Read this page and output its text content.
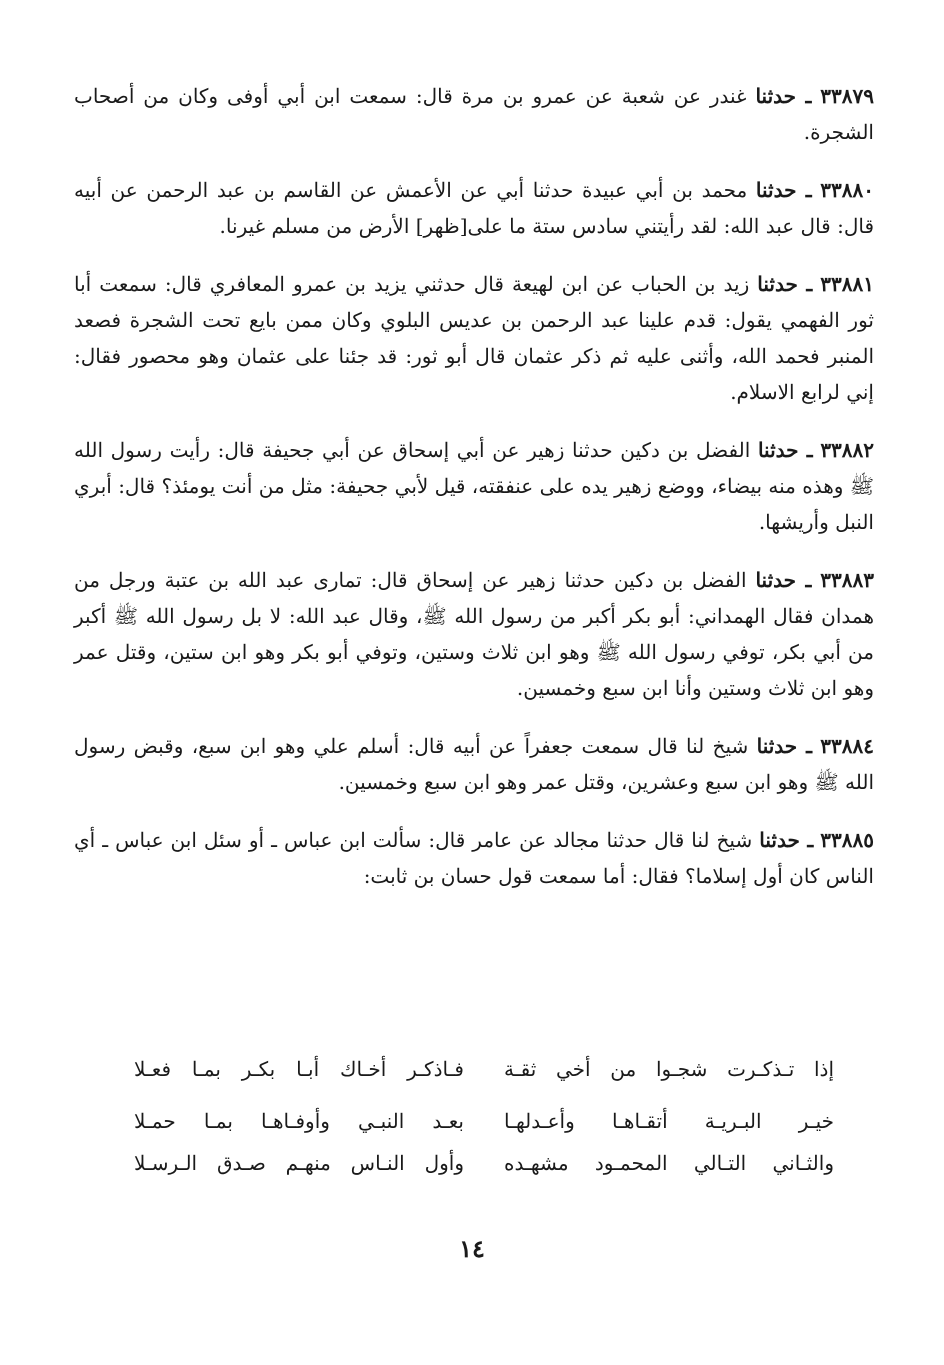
٣٣٨٧٩ ـ حدثنا غندر عن شعبة عن عمرو بن مرة قال: سمعت ابن أبي أوفى وكان من أصحاب الشجرة.

٣٣٨٨٠ ـ حدثنا محمد بن أبي عبيدة حدثنا أبي عن الأعمش عن القاسم بن عبد الرحمن عن أبيه قال: قال عبد الله: لقد رأيتني سادس ستة ما على[ظهر] الأرض من مسلم غيرنا.

٣٣٨٨١ ـ حدثنا زيد بن الحباب عن ابن لهيعة قال حدثني يزيد بن عمرو المعافري قال: سمعت أبا ثور الفهمي يقول: قدم علينا عبد الرحمن بن عديس البلوي وكان ممن بايع تحت الشجرة فصعد المنبر فحمد الله، وأثنى عليه ثم ذكر عثمان قال أبو ثور: قد جئنا على عثمان وهو محصور فقال: إني لرابع الاسلام.

٣٣٨٨٢ ـ حدثنا الفضل بن دكين حدثنا زهير عن أبي إسحاق عن أبي جحيفة قال: رأيت رسول الله ﷺ وهذه منه بيضاء، ووضع زهير يده على عنفقته، قيل لأبي جحيفة: مثل من أنت يومئذ؟ قال: أبري النبل وأريشها.

٣٣٨٨٣ ـ حدثنا الفضل بن دكين حدثنا زهير عن إسحاق قال: تمارى عبد الله بن عتبة ورجل من همدان فقال الهمداني: أبو بكر أكبر من رسول الله ﷺ، وقال عبد الله: لا بل رسول الله ﷺ أكبر من أبي بكر، توفي رسول الله ﷺ وهو ابن ثلاث وستين، وتوفي أبو بكر وهو ابن ستين، وقتل عمر وهو ابن ثلاث وستين وأنا ابن سبع وخمسين.

٣٣٨٨٤ ـ حدثنا شيخ لنا قال سمعت جعفراً عن أبيه قال: أسلم علي وهو ابن سبع، وقبض رسول الله ﷺ وهو ابن سبع وعشرين، وقتل عمر وهو ابن سبع وخمسين.

٣٣٨٨٥ ـ حدثنا شيخ لنا قال حدثنا مجالد عن عامر قال: سألت ابن عباس ـ أو سئل ابن عباس ـ أي الناس كان أول إسلاما؟ فقال: أما سمعت قول حسان بن ثابت:

إذا تـذكـرت شجـوا من أخي ثقـة
فـاذكـر أخـاك أبـا بكـر بمـا فعـلا
خيـر البـريـة أتقـاهـا وأعـدلهـا
بعـد النبـي وأوفـاهـا بمـا حمـلا
والثـاني التـالي المحمـود مشهـده
وأول النـاس منهـم صـدق الـرسـلا
١٤
